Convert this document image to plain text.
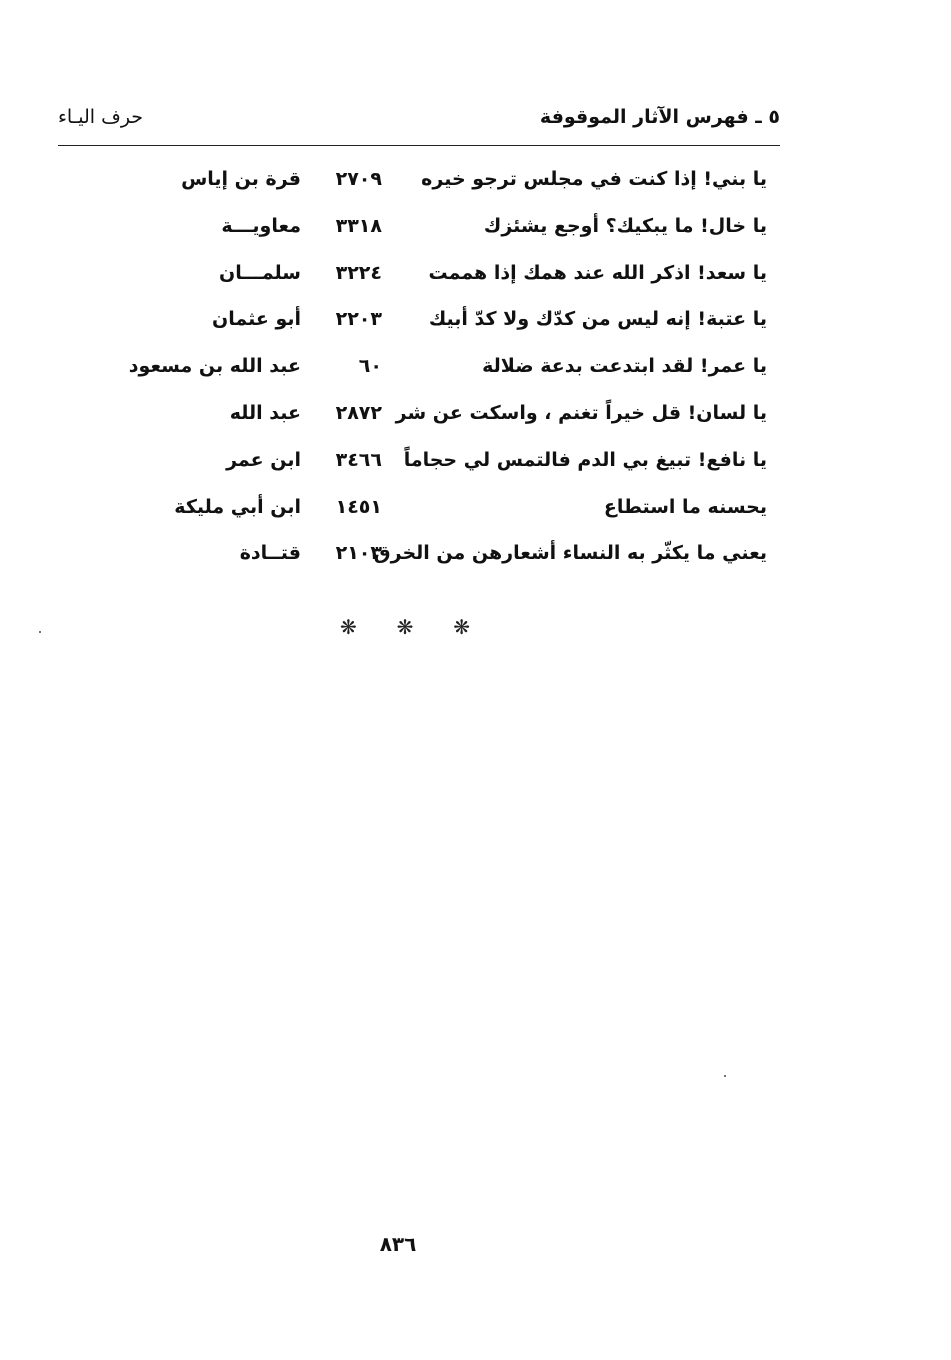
٥ ـ فهرس الآثار الموقوفة
حرف اليـاء
يا بني! إذا كنت في مجلس ترجو خيره
٢٧٠٩
قرة بن إياس
يا خال! ما يبكيك؟ أوجع يشئزك
٣٣١٨
معاويـــة
يا سعد! اذكر الله عند همك إذا هممت
٣٢٢٤
سلمـــان
يا عتبة! إنه ليس من كدّك ولا كدّ أبيك
٢٢٠٣
أبو عثمان
يا عمر! لقد ابتدعت بدعة ضلالة
٦٠
عبد الله بن مسعود
يا لسان! قل خيراً تغنم ، واسكت عن شر
٢٨٧٢
عبد الله
يا نافع! تبيغ بي الدم فالتمس لي حجاماً
٣٤٦٦
ابن عمر
يحسنه ما استطاع
١٤٥١
ابن أبي مليكة
يعني ما يكثّر به النساء أشعارهن من الخرق
٢١٠٣
قتــادة
❋ ❋ ❋
٨٣٦
